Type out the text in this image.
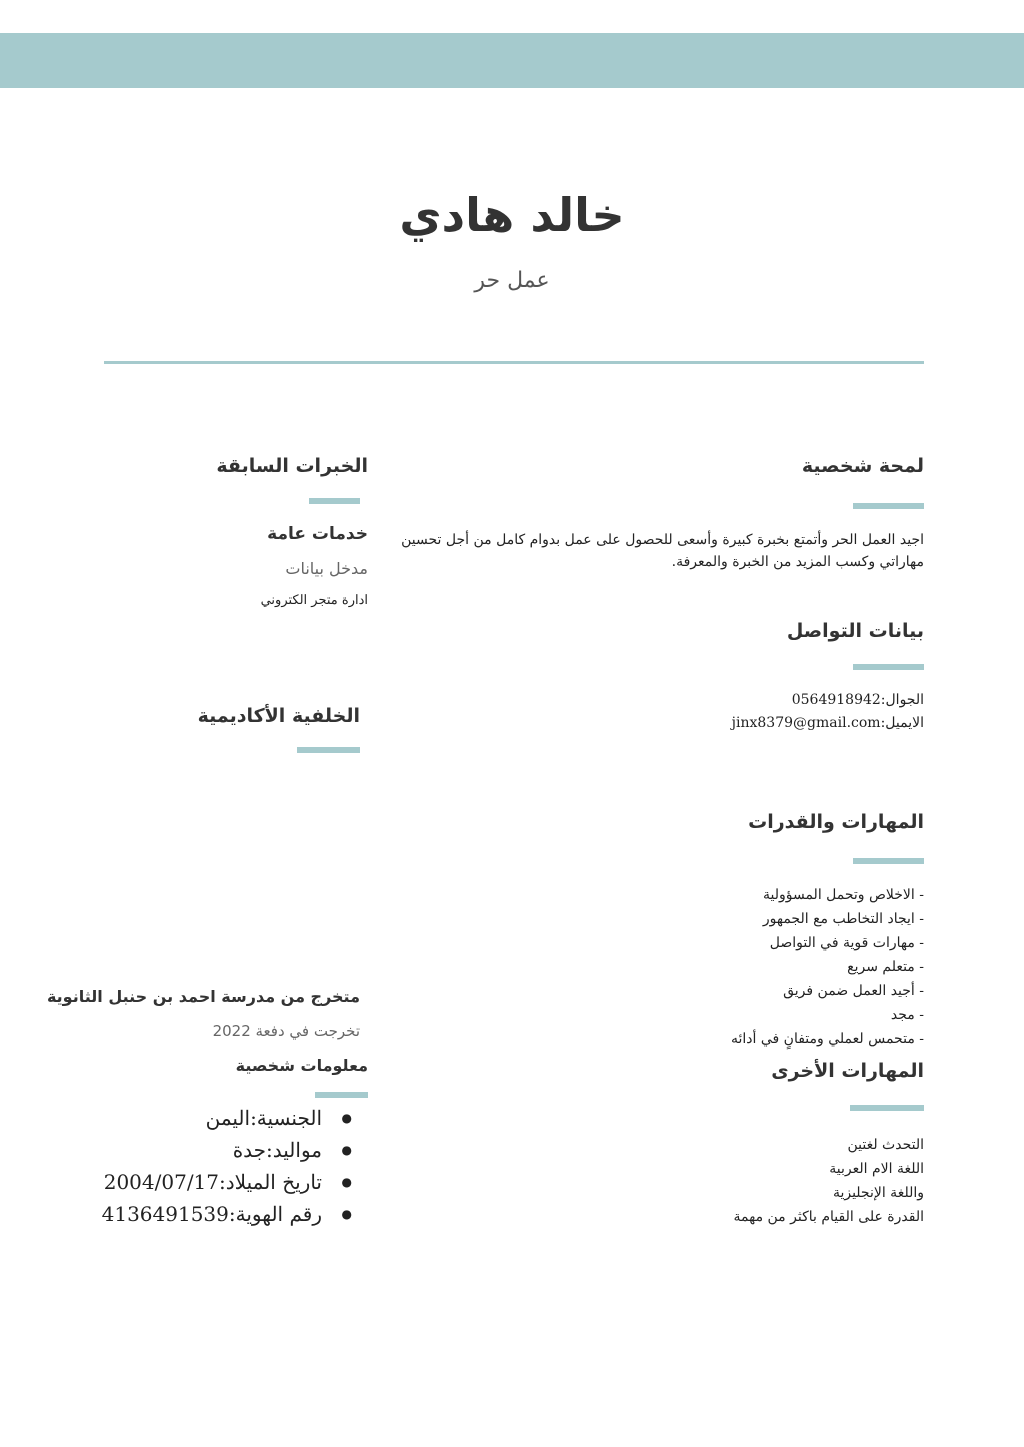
خالد هادي
عمل حر
لمحة شخصية
اجيد العمل الحر وأتمتع بخبرة كبيرة وأسعى للحصول على عمل بدوام كامل من أجل تحسين مهاراتي وكسب المزيد من الخبرة والمعرفة.
بيانات التواصل
الجوال:0564918942
الايميل:jinx8379@gmail.com
المهارات والقدرات
- الاخلاص وتحمل المسؤولية
- ايجاد التخاطب مع الجمهور
- مهارات قوية في التواصل
- متعلم سريع
- أجيد العمل ضمن فريق
- مجد
- متحمس لعملي ومتفانٍ في أدائه
المهارات الأخرى
التحدث لغتين
اللغة الام العربية
واللغة الإنجليزية
القدرة على القيام باكثر من مهمة
الخبرات السابقة
خدمات عامة
مدخل بيانات
ادارة متجر الكتروني
الخلفية الأكاديمية
متخرج من مدرسة احمد بن حنبل الثانوية
تخرجت في دفعة 2022
معلومات شخصية
● الجنسية:اليمن
● مواليد:جدة
● تاريخ الميلاد:2004/07/17
● رقم الهوية:4136491539
